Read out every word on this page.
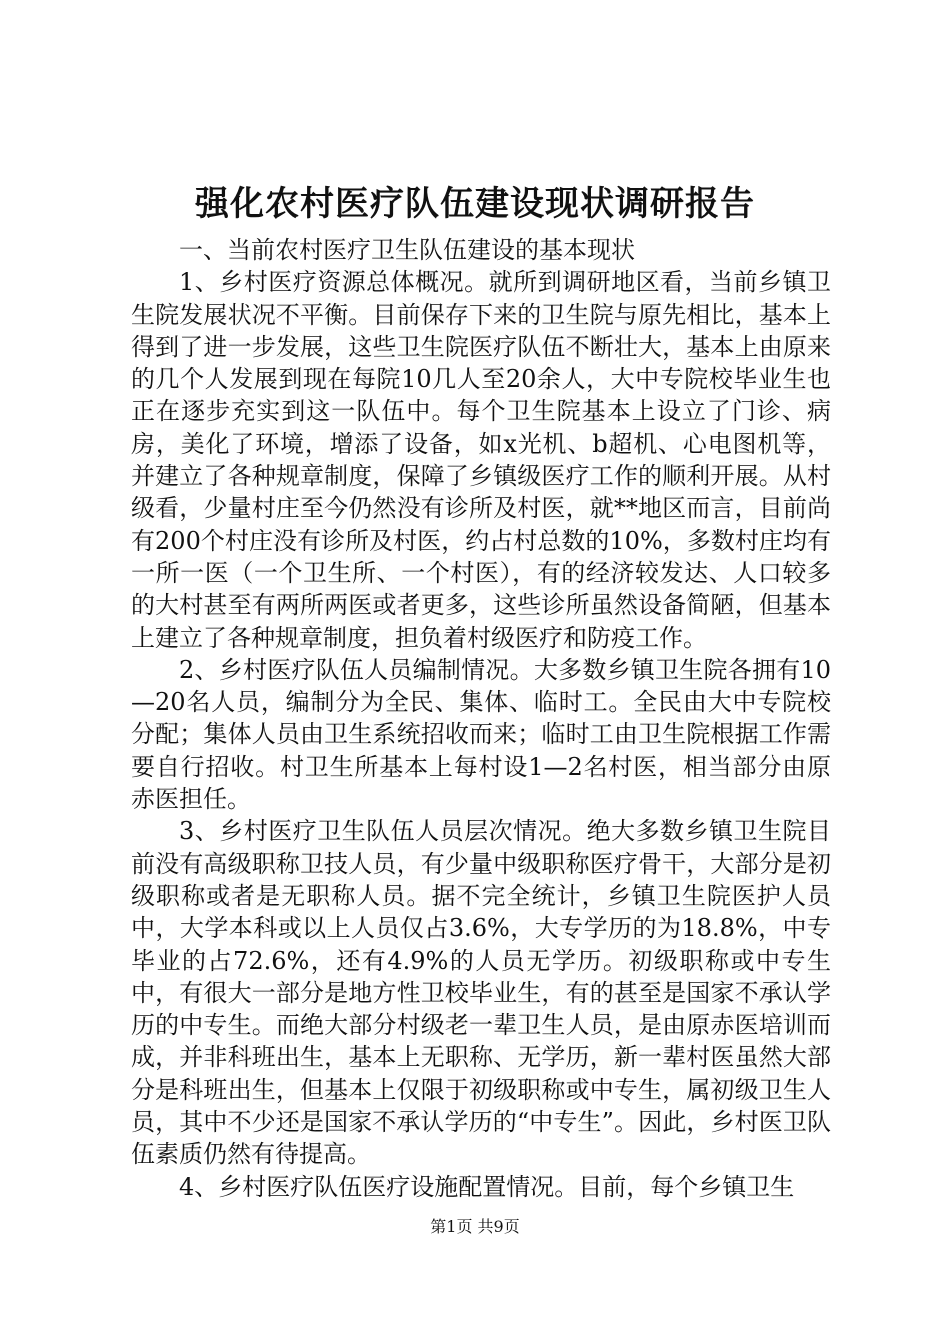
强化农村医疗队伍建设现状调研报告

一、当前农村医疗卫生队伍建设的基本现状

1、乡村医疗资源总体概况。就所到调研地区看，当前乡镇卫生院发展状况不平衡。目前保存下来的卫生院与原先相比，基本上得到了进一步发展，这些卫生院医疗队伍不断壮大，基本上由原来的几个人发展到现在每院10几人至20余人，大中专院校毕业生也正在逐步充实到这一队伍中。每个卫生院基本上设立了门诊、病房，美化了环境，增添了设备，如x光机、b超机、心电图机等，并建立了各种规章制度，保障了乡镇级医疗工作的顺利开展。从村级看，少量村庄至今仍然没有诊所及村医，就**地区而言，目前尚有200个村庄没有诊所及村医，约占村总数的10%，多数村庄均有一所一医（一个卫生所、一个村医），有的经济较发达、人口较多的大村甚至有两所两医或者更多，这些诊所虽然设备简陋，但基本上建立了各种规章制度，担负着村级医疗和防疫工作。

2、乡村医疗队伍人员编制情况。大多数乡镇卫生院各拥有10—20名人员，编制分为全民、集体、临时工。全民由大中专院校分配；集体人员由卫生系统招收而来；临时工由卫生院根据工作需要自行招收。村卫生所基本上每村设1—2名村医，相当部分由原赤医担任。

3、乡村医疗卫生队伍人员层次情况。绝大多数乡镇卫生院目前没有高级职称卫技人员，有少量中级职称医疗骨干，大部分是初级职称或者是无职称人员。据不完全统计，乡镇卫生院医护人员中，大学本科或以上人员仅占3.6%，大专学历的为18.8%，中专毕业的占72.6%，还有4.9%的人员无学历。初级职称或中专生中，有很大一部分是地方性卫校毕业生，有的甚至是国家不承认学历的中专生。而绝大部分村级老一辈卫生人员，是由原赤医培训而成，并非科班出生，基本上无职称、无学历，新一辈村医虽然大部分是科班出生，但基本上仅限于初级职称或中专生，属初级卫生人员，其中不少还是国家不承认学历的“中专生”。因此，乡村医卫队伍素质仍然有待提高。

4、乡村医疗队伍医疗设施配置情况。目前，每个乡镇卫生

第1页 共9页
